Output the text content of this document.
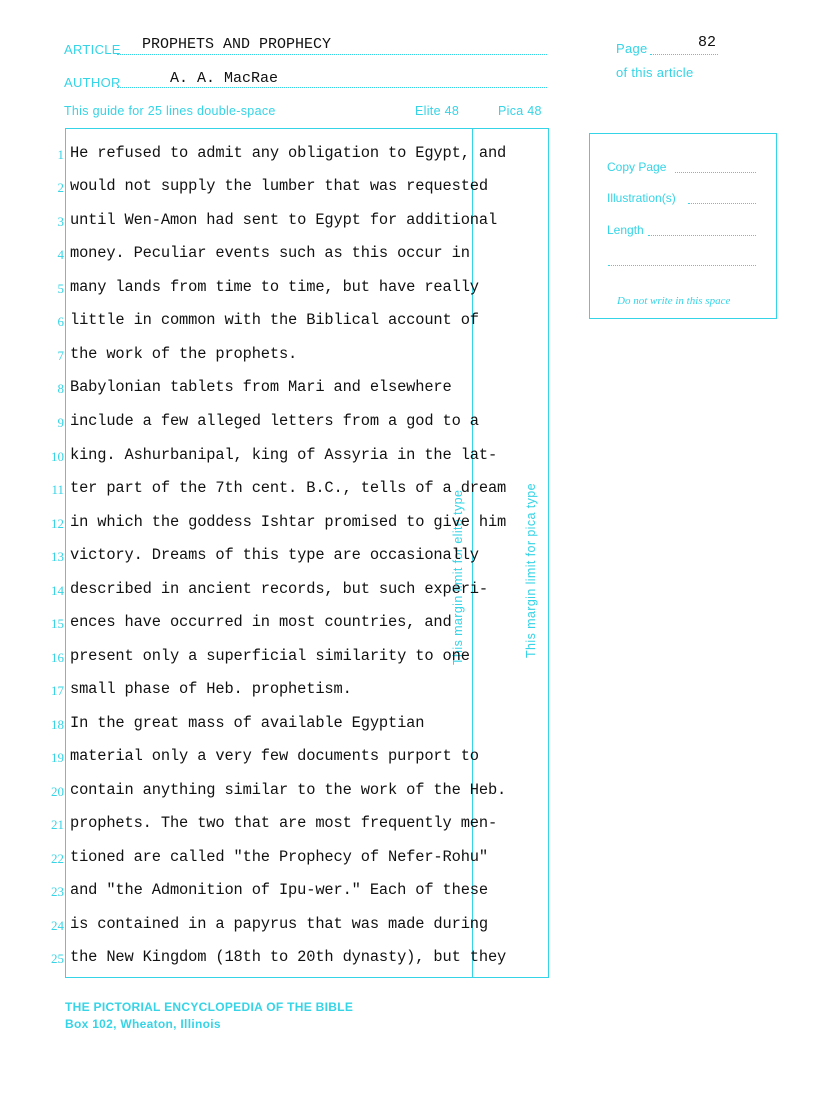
ARTICLE PROPHETS AND PROPHECY
AUTHOR	A. A. MacRae
This guide for 25 lines double-space	Elite 48	Pica 48
Page	82
of this article
Copy Page
Illustration(s)
Length
Do not write in this space
This margin limit for elite type	This margin limit for pica type
1 He refused to admit any obligation to Egypt, and
2 would not supply the lumber that was requested
3 until Wen-Amon had sent to Egypt for additional
4 money. Peculiar events such as this occur in
5 many lands from time to time, but have really
6 little in common with the Biblical account of
7 the work of the prophets.
8 Babylonian tablets from Mari and elsewhere
9 include a few alleged letters from a god to a
10 king. Ashurbanipal, king of Assyria in the lat-
11 ter part of the 7th cent. B.C., tells of a dream
12 in which the goddess Ishtar promised to give him
13 victory. Dreams of this type are occasionally
14 described in ancient records, but such experi-
15 ences have occurred in most countries, and
16 present only a superficial similarity to one
17 small phase of Heb. prophetism.
18 In the great mass of available Egyptian
19 material only a very few documents purport to
20 contain anything similar to the work of the Heb.
21 prophets. The two that are most frequently men-
22 tioned are called "the Prophecy of Nefer-Rohu"
23 and "the Admonition of Ipu-wer." Each of these
24 is contained in a papyrus that was made during
25 the New Kingdom (18th to 20th dynasty), but they
THE PICTORIAL ENCYCLOPEDIA OF THE BIBLE
Box 102, Wheaton, Illinois
